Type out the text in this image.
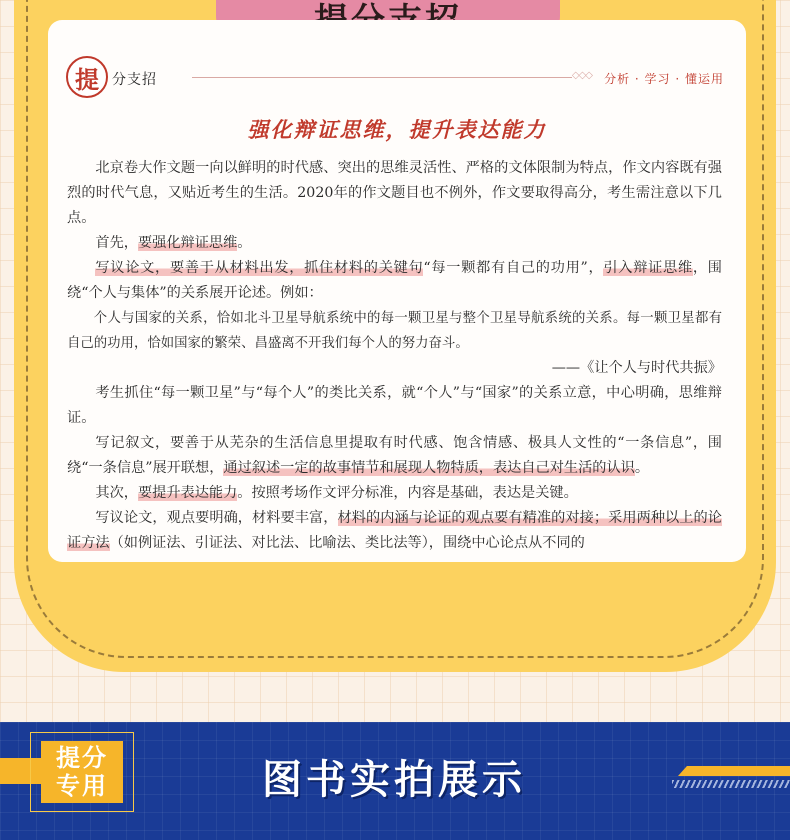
提 分支招	◇◇◇ 分析 · 学习 · 懂运用
强化辩证思维，提升表达能力

北京卷大作文题一向以鲜明的时代感、突出的思维灵活性、严格的文体限制为特点，作文内容既有强烈的时代气息，又贴近考生的生活。2020年的作文题目也不例外，作文要取得高分，考生需注意以下几点。

首先，要强化辩证思维。

写议论文，要善于从材料出发，抓住材料的关键句“每一颗都有自己的功用”，引入辩证思维，围绕“个人与集体”的关系展开论述。例如：

个人与国家的关系，恰如北斗卫星导航系统中的每一颗卫星与整个卫星导航系统的关系。每一颗卫星都有自己的功用，恰如国家的繁荣、昌盛离不开我们每个人的努力奋斗。

——《让个人与时代共振》

考生抓住“每一颗卫星”与“每个人”的类比关系，就“个人”与“国家”的关系立意，中心明确，思维辩证。

写记叙文，要善于从芜杂的生活信息里提取有时代感、饱含情感、极具人文性的“一条信息”，围绕“一条信息”展开联想，通过叙述一定的故事情节和展现人物特质，表达自己对生活的认识。

其次，要提升表达能力。按照考场作文评分标准，内容是基础，表达是关键。

写议论文，观点要明确，材料要丰富，材料的内涵与论证的观点要有精准的对接；采用两种以上的论证方法（如例证法、引证法、对比法、比喻法、类比法等），围绕中心论点从不同的

提分
专用	图书实拍展示
